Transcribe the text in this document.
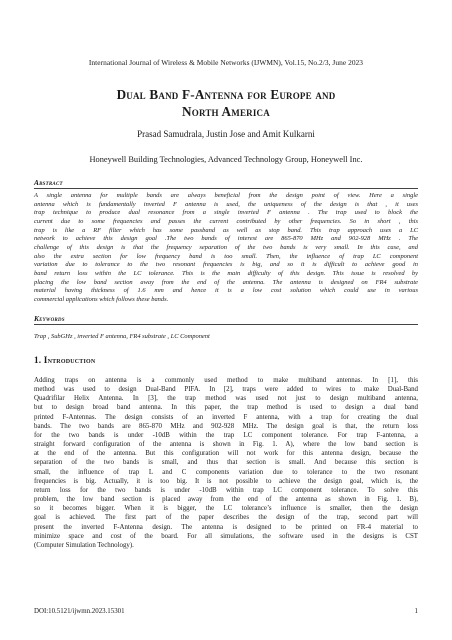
International Journal of Wireless & Mobile Networks (IJWMN), Vol.15, No.2/3, June 2023
Dual Band F-Antenna for Europe and
North America
Prasad Samudrala, Justin Jose and Amit Kulkarni
Honeywell Building Technologies, Advanced Technology Group, Honeywell Inc.
Abstract
A single antenna for multiple bands are always beneficial from the design point of view. Here a single
antenna which is fundamentally inverted F antenna is used, the uniqueness of the design is that , it uses
trap technique to produce dual resonance from a single inverted F antenna . The trap used to block the
current due to some frequencies and passes the current contributed by other frequencies. So in short , this
trap is like a RF filter which has some passband as well as stop band. This trap approach uses a LC
network to achieve this design goal .The two bands of interest are 865-870 MHz and 902-928 MHz . The
challenge of this design is that the frequency separation of the two bands is very small. In this case, and
also the extra section for low frequency band is too small. Then, the influence of trap LC component
variation due to tolerance to the two resonant frequencies is big, and so it is difficult to achieve good in
band return loss within the LC tolerance. This is the main difficulty of this design. This issue is resolved by
placing the low band section away from the end of the antenna. The antenna is designed on FR4 substrate
material having thickness of 1.6 mm and hence it is a low cost solution which could use in various
commercial applications which follows these bands.
Keywords
Trap , SubGHz , inverted F antenna, FR4 substrate , LC Component
1. Introduction
Adding traps on antenna is a commonly used method to make multiband antennas. In [1], this
method was used to design Dual-Band PIFA. In [2], traps were added to wires to make Dual-Band
Quadrifilar Helix Antenna. In [3], the trap method was used not just to design multiband antenna,
but to design broad band antenna. In this paper, the trap method is used to design a dual band
printed F-Antennas. The design consists of an inverted F antenna, with a trap for creating the dual
bands. The two bands are 865-870 MHz and 902-928 MHz. The design goal is that, the return loss
for the two bands is under -10dB within the trap LC component tolerance. For trap F-antenna, a
straight forward configuration of the antenna is shown in Fig. 1. A), where the low band section is
at the end of the antenna. But this configuration will not work for this antenna design, because the
separation of the two bands is small, and thus that section is small. And because this section is
small, the influence of trap L and C components variation due to tolerance to the two resonant
frequencies is big. Actually, it is too big. It is not possible to achieve the design goal, which is, the
return loss for the two bands is under -10dB within trap LC component tolerance. To solve this
problem, the low band section is placed away from the end of the antenna as shown in Fig. 1. B),
so it becomes bigger. When it is bigger, the LC tolerance’s influence is smaller, then the design
goal is achieved. The first part of the paper describes the design of the trap, second part will
present the inverted F-Antenna design. The antenna is designed to be printed on FR-4 material to
minimize space and cost of the board. For all simulations, the software used in the designs is CST
(Computer Simulation Technology).
DOI:10.5121/ijwmn.2023.15301	1
